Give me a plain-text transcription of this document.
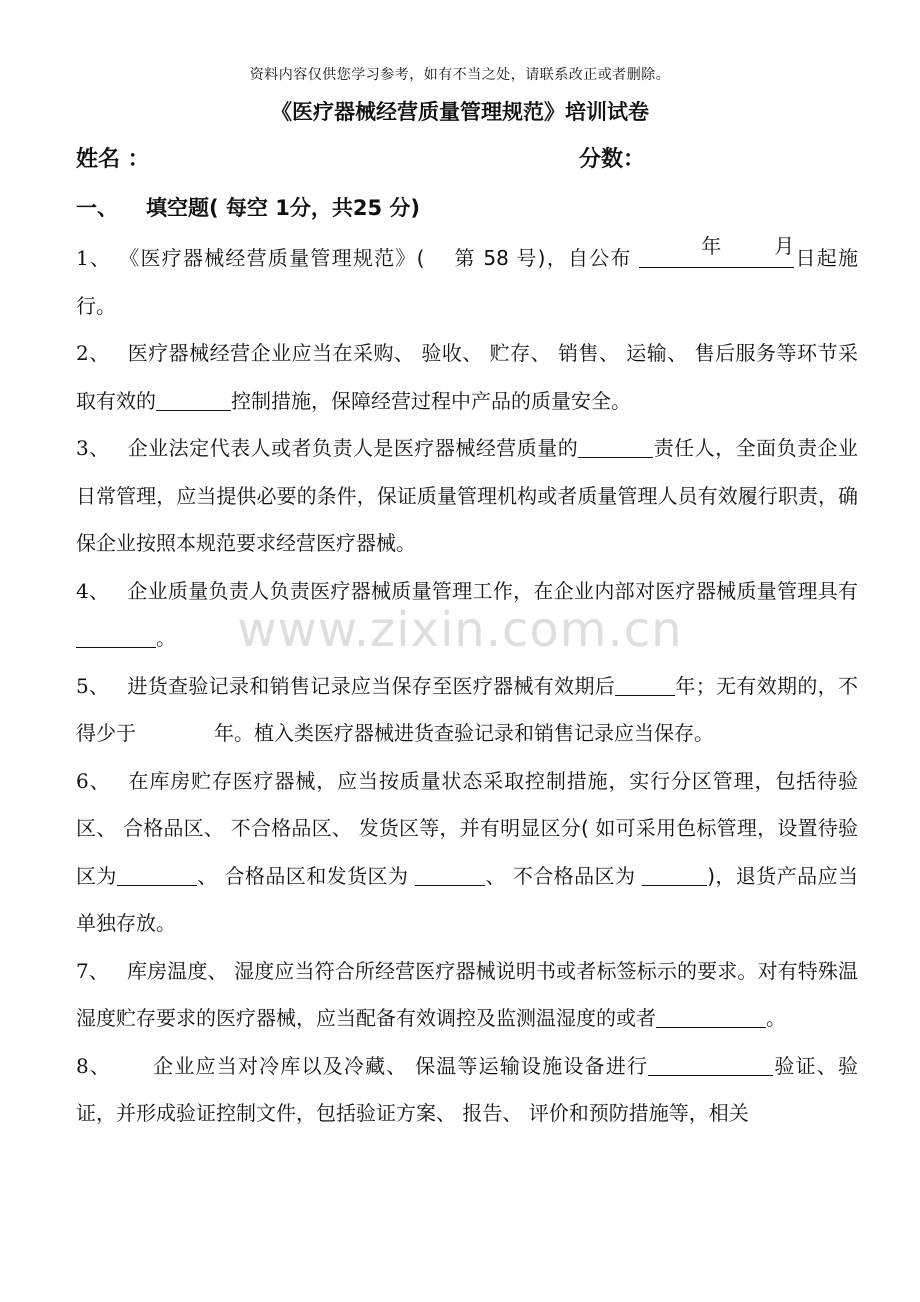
资料内容仅供您学习参考，如有不当之处，请联系改正或者删除。
《医疗器械经营质量管理规范》培训试卷
姓名 ：	分数：
一、 填空题( 每空 1分，共25 分)
1、 《医疗器械经营质量管理规范》(　 第 58 号)，自公布
年	月
日起施行。
2、 医疗器械经营企业应当在采购、 验收、 贮存、 销售、 运输、 售后服务等环节采取有效的	控制措施，保障经营过程中产品的质量安全。
3、 企业法定代表人或者负责人是医疗器械经营质量的	责任人，全面负责企业日常管理，应当提供必要的条件，保证质量管理机构或者质量管理人员有效履行职责，确保企业按照本规范要求经营医疗器械。
4、 企业质量负责人负责医疗器械质量管理工作，在企业内部对医疗器械质量管理具有。
5、 进货查验记录和销售记录应当保存至医疗器械有效期后	年；无有效期的，不得少于	年。植入类医疗器械进货查验记录和销售记录应当保存。
6、 在库房贮存医疗器械，应当按质量状态采取控制措施，实行分区管理，包括待验区、 合格品区、 不合格品区、 发货区等，并有明显区分( 如可采用色标管理，设置待验区为	、 合格品区和发货区为	、 不合格品区为	)，退货产品应当单独存放。
7、 库房温度、 湿度应当符合所经营医疗器械说明书或者标签标示的要求。对有特殊温湿度贮存要求的医疗器械，应当配备有效调控及监测温湿度的或者	。
8、 企业应当对冷库以及冷藏、 保温等运输设施设备进行	验证、验证，并形成验证控制文件，包括验证方案、 报告、 评价和预防措施等，相关
www.zixin.com.cn
